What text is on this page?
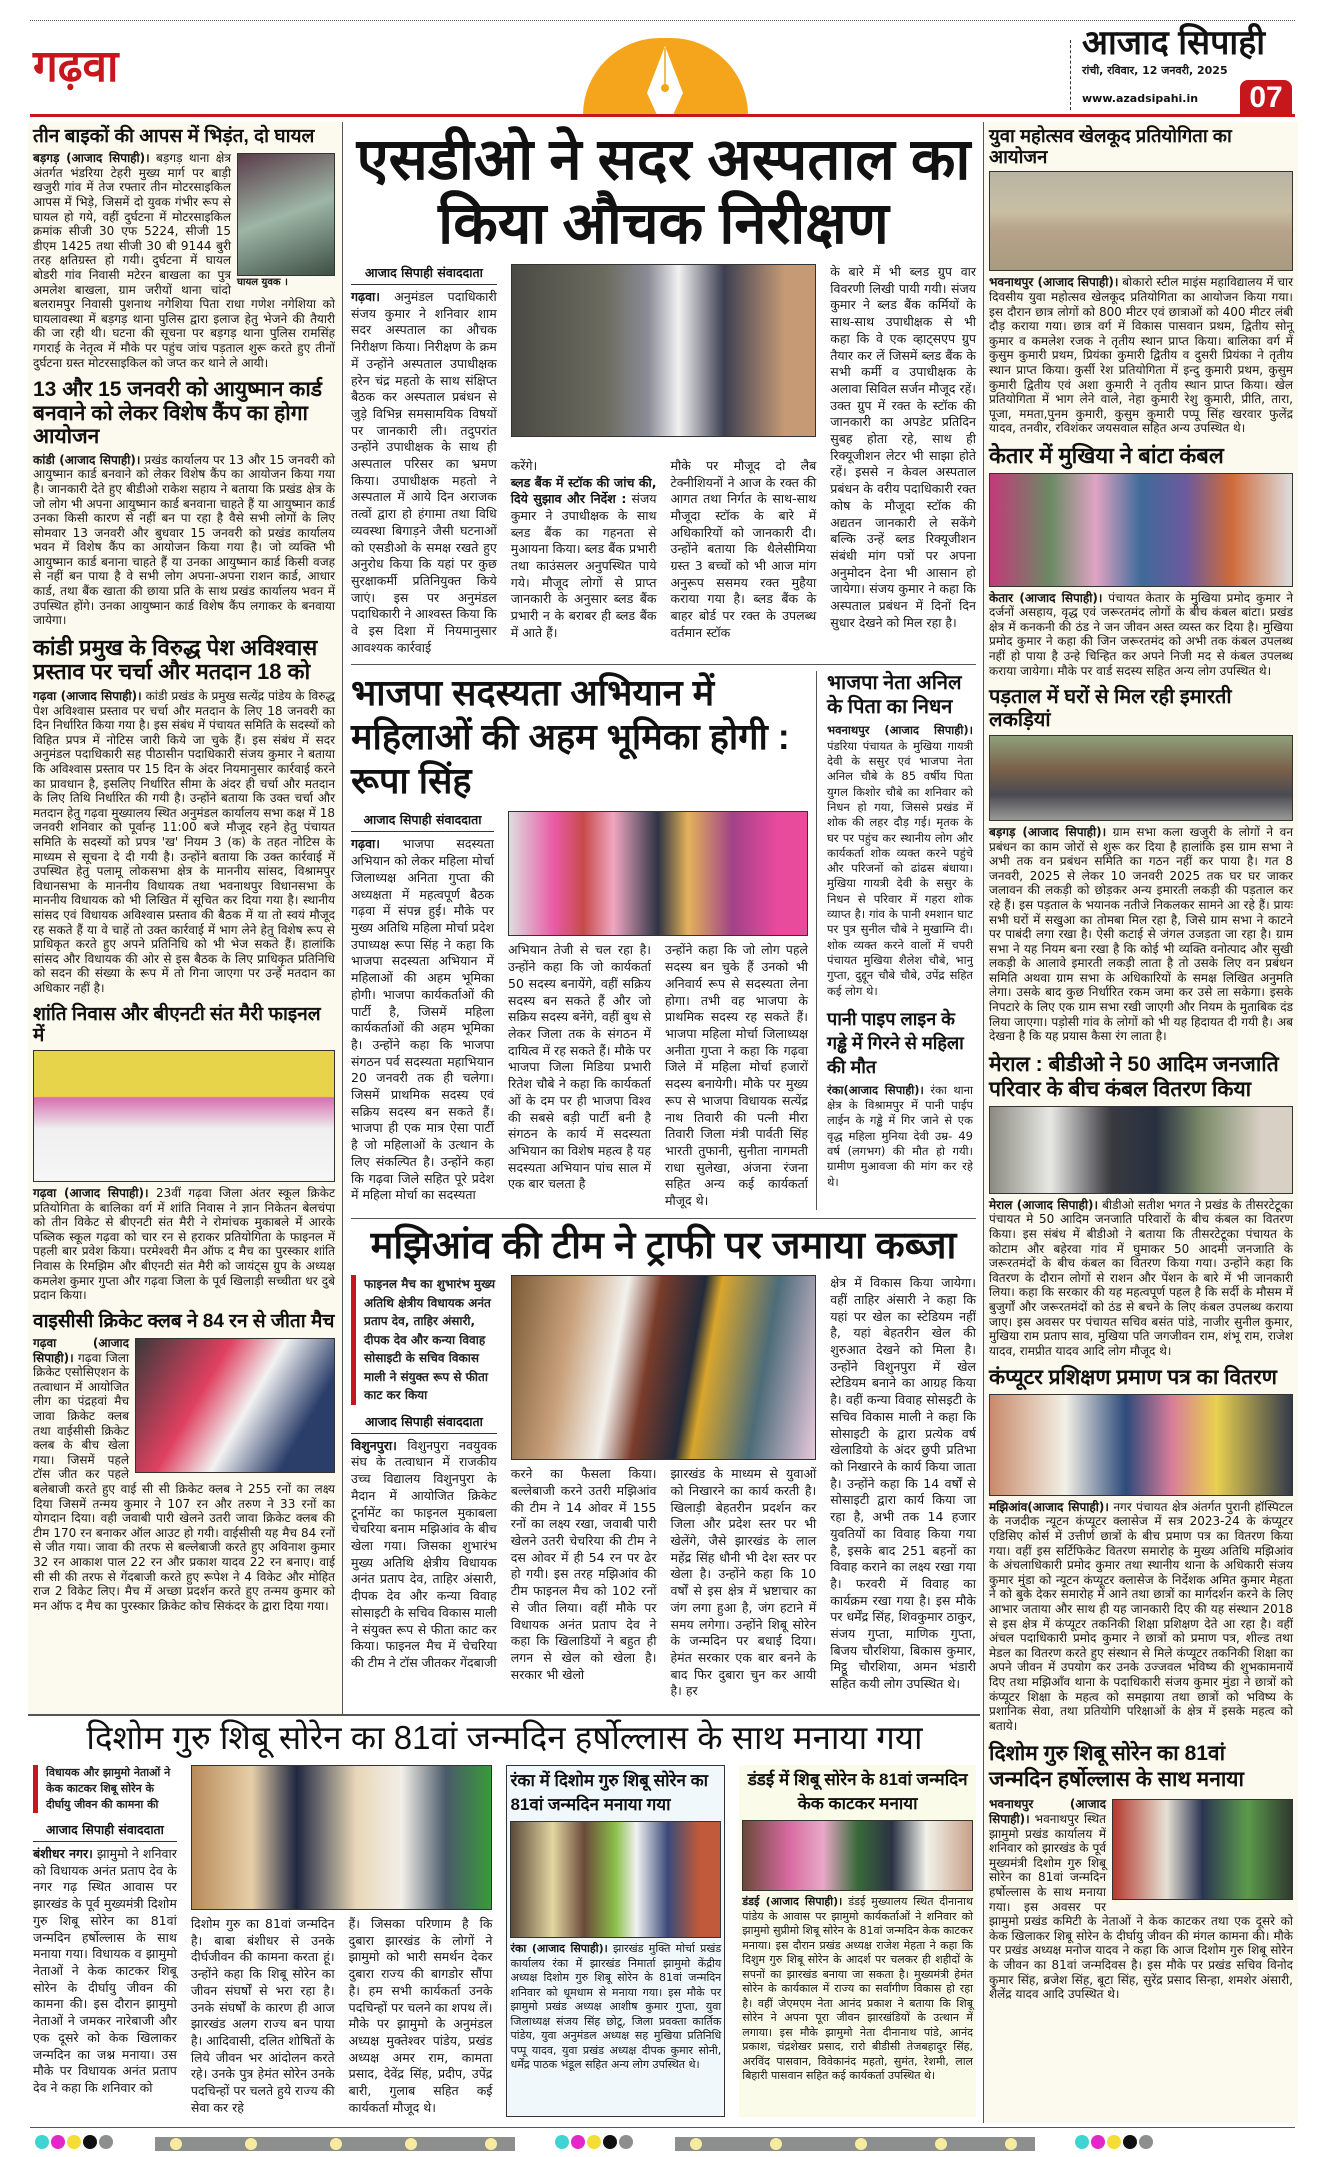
गढ़वा	आजाद सिपाही
रांची, रविवार, 12 जनवरी, 2025
www.azadsipahi.in	07
तीन बाइकों की आपस में भिड़ंत, दो घायल
घायल युवक ।
बड़गड़ (आजाद सिपाही)। बड़गड़ थाना क्षेत्र अंतर्गत भंडरिया टेहरी मुख्य मार्ग पर बाड़ी खजुरी गांव में तेज रफ्तार तीन मोटरसाइकिल आपस में भिड़े, जिसमें दो युवक गंभीर रूप से घायल हो गये, वहीं दुर्घटना में मोटरसाइकिल क्रमांक सीजी 30 एफ 5224, सीजी 15 डीएम 1425 तथा सीजी 30 बी 9144 बुरी तरह क्षतिग्रस्त हो गयी। दुर्घटना में घायल बोडरी गांव निवासी मटेरन बाखला का पुत्र अमलेश बाखला, ग्राम जरीयों थाना चांदो बलरामपुर निवासी पुशनाथ नगेशिया पिता राधा गणेश नगेशिया को घायलावस्था में बड़गड़ थाना पुलिस द्वारा इलाज हेतु भेजने की तैयारी की जा रही थी। घटना की सूचना पर बड़गड़ थाना पुलिस रामसिंह गगराई के नेतृत्व में मौके पर पहुंच जांच पड़ताल शुरू करते हुए तीनों दुर्घटना ग्रस्त मोटरसाइकिल को जप्त कर थाने ले आयी।
13 और 15 जनवरी को आयुष्मान कार्ड बनवाने को लेकर विशेष कैंप का होगा आयोजन
कांडी (आजाद सिपाही)। प्रखंड कार्यालय पर 13 और 15 जनवरी को आयुष्मान कार्ड बनवाने को लेकर विशेष कैंप का आयोजन किया गया है। जानकारी देते हुए बीडीओ राकेश सहाय ने बताया कि प्रखंड क्षेत्र के जो लोग भी अपना आयुष्मान कार्ड बनवाना चाहते हैं या आयुष्मान कार्ड उनका किसी कारण से नहीं बन पा रहा है वैसे सभी लोगों के लिए सोमवार 13 जनवरी और बुधवार 15 जनवरी को प्रखंड कार्यालय भवन में विशेष कैंप का आयोजन किया गया है। जो व्यक्ति भी आयुष्मान कार्ड बनाना चाहते हैं या उनका आयुष्मान कार्ड किसी वजह से नहीं बन पाया है वे सभी लोग अपना-अपना राशन कार्ड, आधार कार्ड, तथा बैंक खाता की छाया प्रति के साथ प्रखंड कार्यालय भवन में उपस्थित होंगे। उनका आयुष्मान कार्ड विशेष कैंप लगाकर के बनवाया जायेगा।
कांडी प्रमुख के विरुद्ध पेश अविश्वास प्रस्ताव पर चर्चा और मतदान 18 को
गढ़वा (आजाद सिपाही)। कांडी प्रखंड के प्रमुख सत्येंद्र पांडेय के विरुद्ध पेश अविश्वास प्रस्ताव पर चर्चा और मतदान के लिए 18 जनवरी का दिन निर्धारित किया गया है। इस संबंध में पंचायत समिति के सदस्यों को विहित प्रपत्र में नोटिस जारी किये जा चुके हैं। इस संबंध में सदर अनुमंडल पदाधिकारी सह पीठासीन पदाधिकारी संजय कुमार ने बताया कि अविश्वास प्रस्ताव पर 15 दिन के अंदर नियमानुसार कार्रवाई करने का प्रावधान है, इसलिए निर्धारित सीमा के अंदर ही चर्चा और मतदान के लिए तिथि निर्धारित की गयी है। उन्होंने बताया कि उक्त चर्चा और मतदान हेतु गढ़वा मुख्यालय स्थित अनुमंडल कार्यालय सभा कक्ष में 18 जनवरी शनिवार को पूर्वान्ह 11:00 बजे मौजूद रहने हेतु पंचायत समिति के सदस्यों को प्रपत्र 'ख' नियम 3 (क) के तहत नोटिस के माध्यम से सूचना दे दी गयी है। उन्होंने बताया कि उक्त कार्रवाई में उपस्थित हेतु पलामू लोकसभा क्षेत्र के माननीय सांसद, विश्रामपुर विधानसभा के माननीय विधायक तथा भवनाथपुर विधानसभा के माननीय विधायक को भी लिखित में सूचित कर दिया गया है। स्थानीय सांसद एवं विधायक अविश्वास प्रस्ताव की बैठक में या तो स्वयं मौजूद रह सकते हैं या वे चाहें तो उक्त कार्रवाई में भाग लेने हेतु विशेष रूप से प्राधिकृत करते हुए अपने प्रतिनिधि को भी भेज सकते हैं। हालांकि सांसद और विधायक की ओर से इस बैठक के लिए प्राधिकृत प्रतिनिधि को सदन की संख्या के रूप में तो गिना जाएगा पर उन्हें मतदान का अधिकार नहीं है।
शांति निवास और बीएनटी संत मैरी फाइनल में
गढ़वा (आजाद सिपाही)। 23वीं गढ़वा जिला अंतर स्कूल क्रिकेट प्रतियोगिता के बालिका वर्ग में शांति निवास ने ज्ञान निकेतन बेलचंपा को तीन विकेट से बीएनटी संत मैरी ने रोमांचक मुकाबले में आरके पब्लिक स्कूल गढ़वा को चार रन से हराकर प्रतियोगिता के फाइनल में पहली बार प्रवेश किया। परमेश्वरी मैन ऑफ द मैच का पुरस्कार शांति निवास के रिमझिम और बीएनटी संत मैरी को जायंट्स ग्रुप के अध्यक्ष कमलेश कुमार गुप्ता और गढ़वा जिला के पूर्व खिलाड़ी सच्चीता धर दुबे प्रदान किया।
वाइसीसी क्रिकेट क्लब ने 84 रन से जीता मैच
गढ़वा (आजाद सिपाही)। गढ़वा जिला क्रिकेट एसोसिएशन के तत्वाधान में आयोजित लीग का पंद्रहवां मैच जावा क्रिकेट क्लब तथा वाईसीसी क्रिकेट क्लब के बीच खेला गया। जिसमें पहले टॉस जीत कर पहले बलेबाजी करते हुए वाई सी सी क्रिकेट क्लब ने 255 रनों का लक्ष्य दिया जिसमें तन्मय कुमार ने 107 रन और तरुण ने 33 रनों का योगदान दिया। वही जवाबी पारी खेलने उतरी जावा क्रिकेट क्लब की टीम 170 रन बनाकर ऑल आउट हो गयी। वाईसीसी यह मैच 84 रनों से जीत गया। जावा की तरफ से बल्लेबाजी करते हुए अविनाश कुमार 32 रन आकाश पाल 22 रन और प्रकाश यादव 22 रन बनाए। वाई सी सी की तरफ से गेंदबाजी करते हुए रूपेश ने 4 विकेट और मोहित राज 2 विकेट लिए। मैच में अच्छा प्रदर्शन करते हुए तन्मय कुमार को मन ऑफ द मैच का पुरस्कार क्रिकेट कोच सिकंदर के द्वारा दिया गया।
एसडीओ ने सदर अस्पताल का किया औचक निरीक्षण
आजाद सिपाही संवाददाता
गढ़वा। अनुमंडल पदाधिकारी संजय कुमार ने शनिवार शाम सदर अस्पताल का औचक निरीक्षण किया। निरीक्षण के क्रम में उन्होंने अस्पताल उपाधीक्षक हरेन चंद्र महतो के साथ संक्षिप्त बैठक कर अस्पताल प्रबंधन से जुड़े विभिन्न समसामयिक विषयों पर जानकारी ली। तदुपरांत उन्होंने उपाधीक्षक के साथ ही अस्पताल परिसर का भ्रमण किया। उपाधीक्षक महतो ने अस्पताल में आये दिन अराजक तत्वों द्वारा हो हंगामा तथा विधि व्यवस्था बिगाड़ने जैसी घटनाओं को एसडीओ के समक्ष रखते हुए अनुरोध किया कि यहां पर कुछ सुरक्षाकर्मी प्रतिनियुक्त किये जाएं। इस पर अनुमंडल पदाधिकारी ने आश्वस्त किया कि वे इस दिशा में नियमानुसार आवश्यक कार्रवाई
करेंगे।
ब्लड बैंक में स्टॉक की जांच की, दिये सुझाव और निर्देश : संजय कुमार ने उपाधीक्षक के साथ ब्लड बैंक का गहनता से मुआयना किया। ब्लड बैंक प्रभारी तथा काउंसलर अनुपस्थित पाये गये। मौजूद लोगों से प्राप्त जानकारी के अनुसार ब्लड बैंक प्रभारी न के बराबर ही ब्लड बैंक में आते हैं।
मौके पर मौजूद दो लैब टेक्नीशियनों ने आज के रक्त की आगत तथा निर्गत के साथ-साथ मौजूदा स्टॉक के बारे में अधिकारियों को जानकारी दी। उन्होंने बताया कि थैलेसीमिया ग्रस्त 3 बच्चों को भी आज मांग अनुरूप ससमय रक्त मुहैया कराया गया है। ब्लड बैंक के बाहर बोर्ड पर रक्त के उपलब्ध वर्तमान स्टॉक
के बारे में भी ब्लड ग्रुप वार विवरणी लिखी पायी गयी। संजय कुमार ने ब्लड बैंक कर्मियों के साथ-साथ उपाधीक्षक से भी कहा कि वे एक व्हाट्सएप ग्रुप तैयार कर लें जिसमें ब्लड बैंक के सभी कर्मी व उपाधीक्षक के अलावा सिविल सर्जन मौजूद रहें। उक्त ग्रुप में रक्त के स्टॉक की जानकारी का अपडेट प्रतिदिन सुबह होता रहे, साथ ही रिक्यूजीशन लेटर भी साझा होते रहें। इससे न केवल अस्पताल प्रबंधन के वरीय पदाधिकारी रक्त कोष के मौजूदा स्टॉक की अद्यतन जानकारी ले सकेंगे बल्कि उन्हें ब्लड रिक्यूजीशन संबंधी मांग पत्रों पर अपना अनुमोदन देना भी आसान हो जायेगा। संजय कुमार ने कहा कि अस्पताल प्रबंधन में दिनों दिन सुधार देखने को मिल रहा है।
भाजपा सदस्यता अभियान में महिलाओं की अहम भूमिका होगी : रूपा सिंह
आजाद सिपाही संवाददाता
गढ़वा। भाजपा सदस्यता अभियान को लेकर महिला मोर्चा जिलाध्यक्ष अनिता गुप्ता की अध्यक्षता में महत्वपूर्ण बैठक गढ़वा में संपन्न हुई। मौके पर मुख्य अतिथि महिला मोर्चा प्रदेश उपाध्यक्ष रूपा सिंह ने कहा कि भाजपा सदस्यता अभियान में महिलाओं की अहम भूमिका होगी। भाजपा कार्यकर्ताओं की पार्टी है, जिसमें महिला कार्यकर्ताओं की अहम भूमिका है। उन्होंने कहा कि भाजपा संगठन पर्व सदस्यता महाभियान 20 जनवरी तक ही चलेगा। जिसमें प्राथमिक सदस्य एवं सक्रिय सदस्य बन सकते हैं। भाजपा ही एक मात्र ऐसा पार्टी है जो महिलाओं के उत्थान के लिए संकल्पित है। उन्होंने कहा कि गढ़वा जिले सहित पूरे प्रदेश में महिला मोर्चा का सदस्यता
अभियान तेजी से चल रहा है। उन्होंने कहा कि जो कार्यकर्ता 50 सदस्य बनायेंगे, वहीं सक्रिय सदस्य बन सकते हैं और जो सक्रिय सदस्य बनेंगे, वहीं बुथ से लेकर जिला तक के संगठन में दायित्व में रह सकते हैं। मौके पर भाजपा जिला मिडिया प्रभारी रितेश चौबे ने कहा कि कार्यकर्ता ओं के दम पर ही भाजपा विश्व की सबसे बड़ी पार्टी बनी है संगठन के कार्य में सदस्यता अभियान का विशेष महत्व है यह सदस्यता अभियान पांच साल में एक बार चलता है
उन्होंने कहा कि जो लोग पहले सदस्य बन चुके हैं उनको भी अनिवार्य रूप से सदस्यता लेना होगा। तभी वह भाजपा के प्राथमिक सदस्य रह सकते हैं। भाजपा महिला मोर्चा जिलाध्यक्ष अनीता गुप्ता ने कहा कि गढ़वा जिले में महिला मोर्चा हजारों सदस्य बनायेगी। मौके पर मुख्य रूप से भाजपा विधायक सत्येंद्र नाथ तिवारी की पत्नी मीरा तिवारी जिला मंत्री पार्वती सिंह भारती तुफानी, सुनीता नागमती राधा सुलेखा, अंजना रंजना सहित अन्य कई कार्यकर्ता मौजूद थे।
भाजपा नेता अनिल के पिता का निधन
भवनाथपुर (आजाद सिपाही)। पंडरिया पंचायत के मुखिया गायत्री देवी के ससुर एवं भाजपा नेता अनिल चौबे के 85 वर्षीय पिता युगल किशोर चौबे का शनिवार को निधन हो गया, जिससे प्रखंड में शोक की लहर दौड़ गई। मृतक के घर पर पहुंच कर स्थानीय लोग और कार्यकर्ता शोक व्यक्त करने पहुंचे और परिजनों को ढांढस बंधाया। मुखिया गायत्री देवी के ससुर के निधन से परिवार में गहरा शोक व्याप्त है। गांव के पानी श्मशान घाट पर पुत्र सुनील चौबे ने मुखाग्नि दी। शोक व्यक्त करने वालों में चपरी पंचायत मुखिया शैलेश चौबे, भानु गुप्ता, दुद्दून चौबे चौबे, उपेंद्र सहित कई लोग थे।
पानी पाइप लाइन के गड्ढे में गिरने से महिला की मौत
रंका(आजाद सिपाही)। रंका थाना क्षेत्र के विश्रामपुर में पानी पाईप लाईन के गड्ढे में गिर जाने से एक वृद्ध महिला मुनिया देवी उम्र- 49 वर्ष (लगभग) की मौत हो गयी। ग्रामीण मुआवजा की मांग कर रहे थे।
मझिआंव की टीम ने ट्राफी पर जमाया कब्जा
फाइनल मैच का शुभारंभ मुख्य अतिथि क्षेत्रीय विधायक अनंत प्रताप देव, ताहिर अंसारी, दीपक देव और कन्या विवाह सोसाइटी के सचिव विकास माली ने संयुक्त रूप से फीता काट कर किया
आजाद सिपाही संवाददाता
विशुनपुरा। विशुनपुरा नवयुवक संघ के तत्वाधान में राजकीय उच्च विद्यालय विशुनपुरा के मैदान में आयोजित क्रिकेट टूर्नामेंट का फाइनल मुकाबला चेचरिया बनाम मझिआंव के बीच खेला गया। जिसका शुभारंभ मुख्य अतिथि क्षेत्रीय विधायक अनंत प्रताप देव, ताहिर अंसारी, दीपक देव और कन्या विवाह सोसाइटी के सचिव विकास माली ने संयुक्त रूप से फीता काट कर किया। फाइनल मैच में चेचरिया की टीम ने टॉस जीतकर गेंदबाजी
करने का फैसला किया। बल्लेबाजी करने उतरी मझिआंव की टीम ने 14 ओवर में 155 रनों का लक्ष्य रखा, जवाबी पारी खेलने उतरी चेचरिया की टीम ने दस ओवर में ही 54 रन पर ढेर हो गयी। इस तरह मझिआंव की टीम फाइनल मैच को 102 रनों से जीत लिया। वहीं मौके पर विधायक अनंत प्रताप देव ने कहा कि खिलाडियों ने बहुत ही लगन से खेल को खेला है। सरकार भी खेलो
झारखंड के माध्यम से युवाओं को निखारने का कार्य करती है। खिलाड़ी बेहतरीन प्रदर्शन कर जिला और प्रदेश स्तर पर भी खेलेंगे, जैसे झारखंड के लाल महेंद्र सिंह धौनी भी देश स्तर पर खेला है। उन्होंने कहा कि 10 वर्षों से इस क्षेत्र में भ्रष्टाचार का जंग लगा हुआ है, जंग हटाने में समय लगेगा। उन्होंने शिबू सोरेन के जन्मदिन पर बधाई दिया। हेमंत सरकार एक बार बनने के बाद फिर दुबारा चुन कर आयी है। हर
क्षेत्र में विकास किया जायेगा। वहीं ताहिर अंसारी ने कहा कि यहां पर खेल का स्टेडियम नहीं है, यहां बेहतरीन खेल की शुरुआत देखने को मिला है। उन्होंने विशुनपुरा में खेल स्टेडियम बनाने का आग्रह किया है। वहीं कन्या विवाह सोसइटी के सचिव विकास माली ने कहा कि सोसाइटी के द्वारा प्रत्येक वर्ष खेलाडियो के अंदर छुपी प्रतिभा को निखारने के कार्य किया जाता है। उन्होंने कहा कि 14 वर्षों से सोसाइटी द्वारा कार्य किया जा रहा है, अभी तक 14 हजार युवतियों का विवाह किया गया है, इसके बाद 251 बहनों का विवाह कराने का लक्ष्य रखा गया है। फरवरी में विवाह का कार्यक्रम रखा गया है। इस मौके पर धर्मेंद्र सिंह, शिवकुमार ठाकुर, संजय गुप्ता, माणिक गुप्ता, बिजय चौरशिया, बिकास कुमार, मिट्ठू चौरशिया, अमन भंडारी सहित कयी लोग उपस्थित थे।
दिशोम गुरु शिबू सोरेन का 81वां जन्मदिन हर्षोल्लास के साथ मनाया गया
विधायक और झामुमो नेताओं ने केक काटकर शिबू सोरेन के दीर्घायु जीवन की कामना की
आजाद सिपाही संवाददाता
बंशीधर नगर। झामुमो ने शनिवार को विधायक अनंत प्रताप देव के नगर गढ़ स्थित आवास पर झारखंड के पूर्व मुख्यमंत्री दिशोम गुरु शिबू सोरेन का 81वां जन्मदिन हर्षोल्लास के साथ मनाया गया। विधायक व झामुमो नेताओं ने केक काटकर शिबू सोरेन के दीर्घायु जीवन की कामना की। इस दौरान झामुमो नेताओं ने जमकर नारेबाजी और एक दूसरे को केक खिलाकर जन्मदिन का जश्न मनाया। उस मौके पर विधायक अनंत प्रताप देव ने कहा कि शनिवार को
दिशोम गुरु का 81वां जन्मदिन है। बाबा बंशीधर से उनके दीर्घजीवन की कामना करता हूं। उन्होंने कहा कि शिबू सोरेन का जीवन संघर्षों से भरा रहा है। उनके संघर्षों के कारण ही आज झारखंड अलग राज्य बन पाया है। आदिवासी, दलित शोषितों के लिये जीवन भर आंदोलन करते रहे। उनके पुत्र हेमंत सोरेन उनके पदचिन्हों पर चलते हुये राज्य की सेवा कर रहे
हैं। जिसका परिणाम है कि दुबारा झारखंड के लोगों ने झामुमो को भारी समर्थन देकर दुबारा राज्य की बागडोर सौंपा है। हम सभी कार्यकर्ता उनके पदचिन्हों पर चलने का शपथ लें। मौके पर झामुमो के अनुमंडल अध्यक्ष मुक्तेश्वर पांडेय, प्रखंड अध्यक्ष अमर राम, कामता प्रसाद, देवेंद्र सिंह, प्रदीप, उपेंद्र बारी, गुलाब सहित कई कार्यकर्ता मौजूद थे।
रंका में दिशोम गुरु शिबू सोरेन का 81वां जन्मदिन मनाया गया
रंका (आजाद सिपाही)। झारखंड मुक्ति मोर्चा प्रखंड कार्यालय रंका में झारखंड निमार्ता झामुमो केंद्रीय अध्यक्ष दिशोम गुरु शिबू सोरेन के 81वां जन्मदिन शनिवार को धूमधाम से मनाया गया। इस मौके पर झामुमो प्रखंड अध्यक्ष आशीष कुमार गुप्ता, युवा जिलाध्यक्ष संजय सिंह छोटू, जिला प्रवक्ता कार्तिक पांडेय, युवा अनुमंडल अध्यक्ष सह मुखिया प्रतिनिधि पप्पू यादव, युवा प्रखंड अध्यक्ष दीपक कुमार सोनी, धर्मेंद्र पाठक भंडूल सहित अन्य लोग उपस्थित थे।
डंडई में शिबू सोरेन के 81वां जन्मदिन केक काटकर मनाया
डंडई (आजाद सिपाही)। डंडई मुख्यालय स्थित दीनानाथ पांडेय के आवास पर झामुमो कार्यकर्ताओं ने शनिवार को झामुमो सुप्रीमो शिबू सोरेन के 81वां जन्मदिन केक काटकर मनाया। इस दौरान प्रखंड अध्यक्ष राजेश मेहता ने कहा कि दिशुम गुरु शिबू सोरेन के आदर्श पर चलकर ही शहीदों के सपनों का झारखंड बनाया जा सकता है। मुख्यमंत्री हेमंत सोरेन के कार्यकाल में राज्य का सर्वांगीण विकास हो रहा है। वहीं जेएमएम नेता आनंद प्रकाश ने बताया कि शिबू सोरेन ने अपना पूरा जीवन झारखंडियों के उत्थान में लगाया। इस मौके झामुमो नेता दीनानाथ पांडे, आनंद प्रकाश, चंद्रशेखर प्रसाद, रारो बीडीसी तेजबहादुर सिंह, अरविंद पासवान, विवेकानंद महतो, सुमंत, रेशमी, लाल बिहारी पासवान सहित कई कार्यकर्ता उपस्थित थे।
युवा महोत्सव खेलकूद प्रतियोगिता का आयोजन
भवनाथपुर (आजाद सिपाही)। बोकारो स्टील माइंस महाविद्यालय में चार दिवसीय युवा महोत्सव खेलकूद प्रतियोगिता का आयोजन किया गया। इस दौरान छात्र लोगों को 800 मीटर एवं छात्राओं को 400 मीटर लंबी दौड़ कराया गया। छात्र वर्ग में विकास पासवान प्रथम, द्वितीय सोनू कुमार व कमलेश रजक ने तृतीय स्थान प्राप्त किया। बालिका वर्ग में कुसुम कुमारी प्रथम, प्रियंका कुमारी द्वितीय व दुसरी प्रियंका ने तृतीय स्थान प्राप्त किया। कुर्सी रेश प्रतियोगिता में इन्दु कुमारी प्रथम, कुसुम कुमारी द्वितीय एवं अशा कुमारी ने तृतीय स्थान प्राप्त किया। खेल प्रतियोगिता में भाग लेने वाले, नेहा कुमारी रेशु कुमारी, प्रीति, तारा, पूजा, ममता,पुनम कुमारी, कुसुम कुमारी पप्पू सिंह खरवार फुलेंद्र यादव, तनवीर, रविशंकर जयसवाल सहित अन्य उपस्थित थे।
केतार में मुखिया ने बांटा कंबल
केतार (आजाद सिपाही)। पंचायत केतार के मुखिया प्रमोद कुमार ने दर्जनों असहाय, वृद्ध एवं जरूरतमंद लोगों के बीच कंबल बांटा। प्रखंड क्षेत्र में कनकनी की ठंड ने जन जीवन अस्त व्यस्त कर दिया है। मुखिया प्रमोद कुमार ने कहा की जिन जरूरतमंद को अभी तक कंबल उपलब्ध नहीं हो पाया है उन्हे चिन्हित कर अपने निजी मद से कंबल उपलब्ध कराया जायेगा। मौके पर वार्ड सदस्य सहित अन्य लोग उपस्थित थे।
पड़ताल में घरों से मिल रही इमारती लकड़ियां
बड़गड़ (आजाद सिपाही)। ग्राम सभा कला खजुरी के लोगों ने वन प्रबंधन का काम जोरों से शुरू कर दिया है हालांकि इस ग्राम सभा ने अभी तक वन प्रबंधन समिति का गठन नहीं कर पाया है। गत 8 जनवरी, 2025 से लेकर 10 जनवरी 2025 तक घर घर जाकर जलावन की लकड़ी को छोड़कर अन्य इमारती लकड़ी की पड़ताल कर रहे हैं। इस पड़ताल के भयानक नतीजे निकलकर सामने आ रहे हैं। प्रायः सभी घरों में सखुआ का तोमबा मिल रहा है, जिसे ग्राम सभा ने काटने पर पाबंदी लगा रखा है। ऐसी कटाई से जंगल उजड़ता जा रहा है। ग्राम सभा ने यह नियम बना रखा है कि कोई भी व्यक्ति वनोत्पाद और सुखी लकड़ी के आलावे इमारती लकड़ी लाता है तो उसके लिए वन प्रबंधन समिति अथवा ग्राम सभा के अधिकारियों के समक्ष लिखित अनुमति लेगा। उसके बाद कुछ निर्धारित रकम जमा कर उसे ला सकेगा। इसके निपटारे के लिए एक ग्राम सभा रखी जाएगी और नियम के मुताबिक दंड लिया जाएगा। पड़ोसी गांव के लोगों को भी यह हिदायत दी गयी है। अब देखना है कि यह प्रयास कैसा रंग लाता है।
मेराल : बीडीओ ने 50 आदिम जनजाति परिवार के बीच कंबल वितरण किया
मेराल (आजाद सिपाही)। बीडीओ सतीश भगत ने प्रखंड के तीसरटेटूका पंचायत मे 50 आदिम जनजाति परिवारों के बीच कंबल का वितरण किया। इस संबंध में बीडीओ ने बताया कि तीसरटेटूका पंचायत के कोटाम और बहेरवा गांव में घुमाकर 50 आदमी जनजाति के जरूरतमंदों के बीच कंबल का वितरण किया गया। उन्होंने कहा कि वितरण के दौरान लोगों से राशन और पेंशन के बारे में भी जानकारी लिया। कहा कि सरकार की यह महत्वपूर्ण पहल है कि सर्दी के मौसम में बुजुर्गों और जरूरतमंदों को ठंड से बचने के लिए कंबल उपलब्ध कराया जाए। इस अवसर पर पंचायत सचिव बसंत पांडे, नाजीर सुनील कुमार, मुखिया राम प्रताप साव, मुखिया पति जगजीवन राम, शंभू राम, राजेश यादव, रामप्रीत यादव आदि लोग मौजूद थे।
कंप्यूटर प्रशिक्षण प्रमाण पत्र का वितरण
मझिआंव(आजाद सिपाही)। नगर पंचायत क्षेत्र अंतर्गत पुरानी हॉस्पिटल के नजदीक न्यूटन कंप्यूटर क्लासेज में सत्र 2023-24 के कंप्यूटर एडिसिए कोर्स में उत्तीर्ण छात्रों के बीच प्रमाण पत्र का वितरण किया गया। वहीं इस सर्टिफिकेट वितरण समारोह के मुख्य अतिथि मझिआंव के अंचलाधिकारी प्रमोद कुमार तथा स्थानीय थाना के अधिकारी संजय कुमार मुंडा को न्यूटन कंप्यूटर क्लासेज के निर्देशक अमित कुमार मेहता ने को बुके देकर समारोह में आने तथा छात्रों का मार्गदर्शन करने के लिए आभार जताया और साथ ही यह जानकारी दिए की यह संस्थान 2018 से इस क्षेत्र में कंप्यूटर तकनिकी शिक्षा प्रशिक्षण देते आ रहा है। वहीं अंचल पदाधिकारी प्रमोद कुमार ने छात्रों को प्रमाण पत्र, शील्ड तथा मेडल का वितरण करते हुए संस्थान से मिले कंप्यूटर तकनिकी शिक्षा का अपने जीवन में उपयोग कर उनके उज्जवल भविष्य की शुभकामनायें दिए तथा मझिआँव थाना के पदाधिकारी संजय कुमार मुंडा ने छात्रों को कंप्यूटर शिक्षा के महत्व को समझाया तथा छात्रों को भविष्य के प्रशानिक सेवा, तथा प्रतियोगि परिक्षाओं के क्षेत्र में इसके महत्व को बताये।
दिशोम गुरु शिबू सोरेन का 81वां जन्मदिन हर्षोल्लास के साथ मनाया
भवनाथपुर (आजाद सिपाही)। भवनाथपुर स्थित झामुमो प्रखंड कार्यालय में शनिवार को झारखंड के पूर्व मुख्यमंत्री दिशोम गुरु शिबू सोरेन का 81वां जन्मदिन हर्षोल्लास के साथ मनाया गया। इस अवसर पर झामुमो प्रखंड कमिटी के नेताओं ने केक काटकर तथा एक दूसरे को केक खिलाकर शिबू सोरेन के दीर्घायु जीवन की मंगल कामना की। मौके पर प्रखंड अध्यक्ष मनोज यादव ने कहा कि आज दिशोम गुरु शिबू सोरेन के जीवन का 81वां जन्मदिवस है। इस मौके पर प्रखंड सचिव विनोद कुमार सिंह, ब्रजेश सिंह, बूटा सिंह, सुरेंद्र प्रसाद सिन्हा, शमशेर अंसारी, शैलेंद्र यादव आदि उपस्थित थे।
